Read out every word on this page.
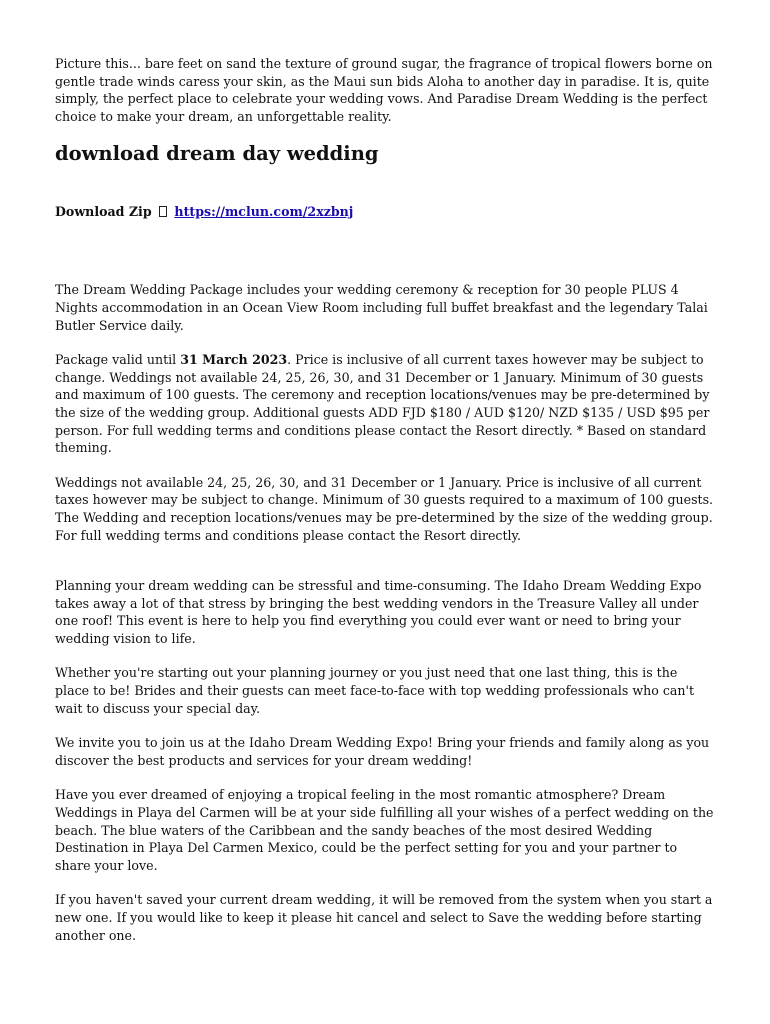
Picture this... bare feet on sand the texture of ground sugar, the fragrance of tropical flowers borne on gentle trade winds caress your skin, as the Maui sun bids Aloha to another day in paradise. It is, quite simply, the perfect place to celebrate your wedding vows. And Paradise Dream Wedding is the perfect choice to make your dream, an unforgettable reality.

download dream day wedding
Download Zip https://mclun.com/2xzbnj

The Dream Wedding Package includes your wedding ceremony & reception for 30 people PLUS 4 Nights accommodation in an Ocean View Room including full buffet breakfast and the legendary Talai Butler Service daily.

Package valid until 31 March 2023. Price is inclusive of all current taxes however may be subject to change. Weddings not available 24, 25, 26, 30, and 31 December or 1 January. Minimum of 30 guests and maximum of 100 guests. The ceremony and reception locations/venues may be pre-determined by the size of the wedding group. Additional guests ADD FJD $180 / AUD $120/ NZD $135 / USD $95 per person. For full wedding terms and conditions please contact the Resort directly. * Based on standard theming.

Weddings not available 24, 25, 26, 30, and 31 December or 1 January. Price is inclusive of all current taxes however may be subject to change. Minimum of 30 guests required to a maximum of 100 guests. The Wedding and reception locations/venues may be pre-determined by the size of the wedding group. For full wedding terms and conditions please contact the Resort directly.

Planning your dream wedding can be stressful and time-consuming. The Idaho Dream Wedding Expo takes away a lot of that stress by bringing the best wedding vendors in the Treasure Valley all under one roof! This event is here to help you find everything you could ever want or need to bring your wedding vision to life.

Whether you're starting out your planning journey or you just need that one last thing, this is the place to be! Brides and their guests can meet face-to-face with top wedding professionals who can't wait to discuss your special day.

We invite you to join us at the Idaho Dream Wedding Expo! Bring your friends and family along as you discover the best products and services for your dream wedding!

Have you ever dreamed of enjoying a tropical feeling in the most romantic atmosphere? Dream Weddings in Playa del Carmen will be at your side fulfilling all your wishes of a perfect wedding on the beach. The blue waters of the Caribbean and the sandy beaches of the most desired Wedding Destination in Playa Del Carmen Mexico, could be the perfect setting for you and your partner to share your love.

If you haven't saved your current dream wedding, it will be removed from the system when you start a new one. If you would like to keep it please hit cancel and select to Save the wedding before starting another one.
